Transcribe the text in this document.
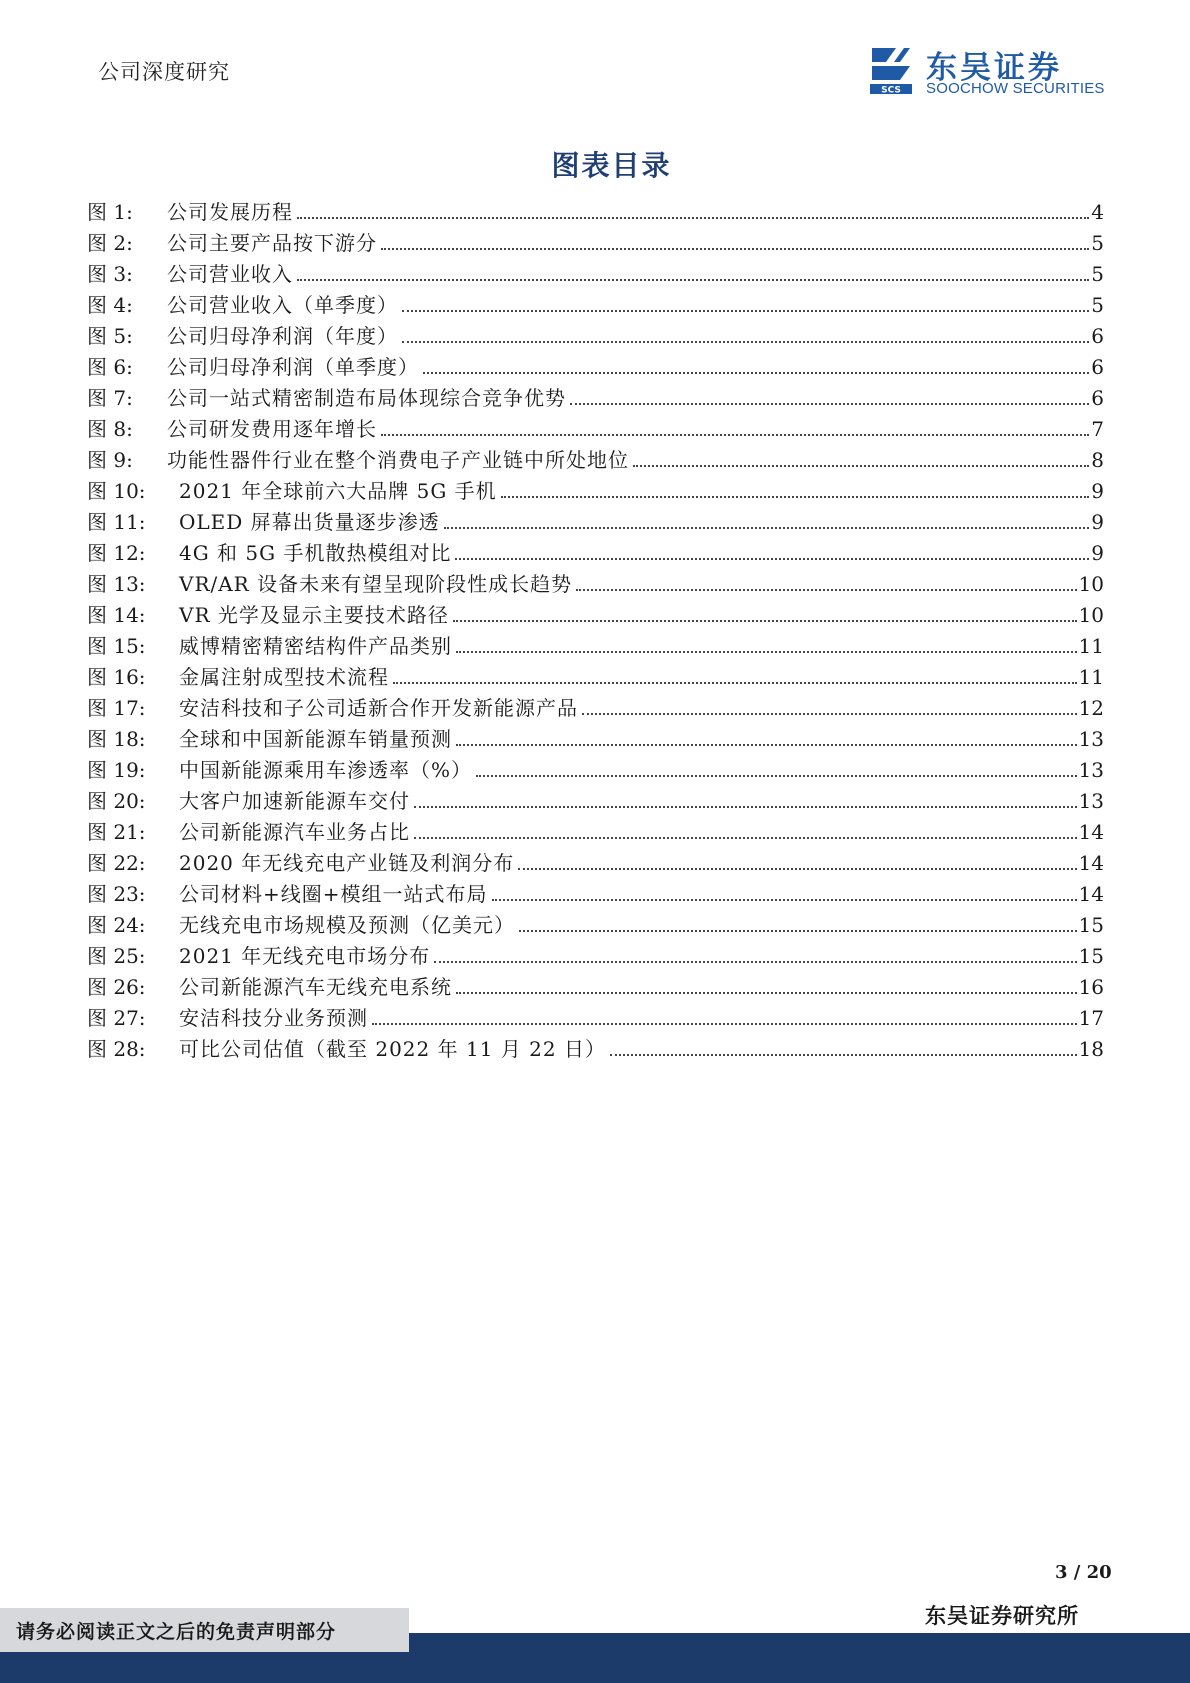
公司深度研究
SCS
东吴证券
SOOCHOW SECURITIES
图表目录
图 1: 公司发展历程	4
图 2: 公司主要产品按下游分	5
图 3: 公司营业收入	5
图 4: 公司营业收入（单季度）	5
图 5: 公司归母净利润（年度）	6
图 6: 公司归母净利润（单季度）	6
图 7: 公司一站式精密制造布局体现综合竞争优势	6
图 8: 公司研发费用逐年增长	7
图 9: 功能性器件行业在整个消费电子产业链中所处地位	8
图 10: 2021 年全球前六大品牌 5G 手机	9
图 11: OLED 屏幕出货量逐步渗透	9
图 12: 4G 和 5G 手机散热模组对比	9
图 13: VR/AR 设备未来有望呈现阶段性成长趋势	10
图 14: VR 光学及显示主要技术路径	10
图 15: 威博精密精密结构件产品类别	11
图 16: 金属注射成型技术流程	11
图 17: 安洁科技和子公司适新合作开发新能源产品	12
图 18: 全球和中国新能源车销量预测	13
图 19: 中国新能源乘用车渗透率（%）	13
图 20: 大客户加速新能源车交付	13
图 21: 公司新能源汽车业务占比	14
图 22: 2020 年无线充电产业链及利润分布	14
图 23: 公司材料+线圈+模组一站式布局	14
图 24: 无线充电市场规模及预测（亿美元）	15
图 25: 2021 年无线充电市场分布	15
图 26: 公司新能源汽车无线充电系统	16
图 27: 安洁科技分业务预测	17
图 28: 可比公司估值（截至 2022 年 11 月 22 日）	18
3 / 20
东吴证券研究所
请务必阅读正文之后的免责声明部分
